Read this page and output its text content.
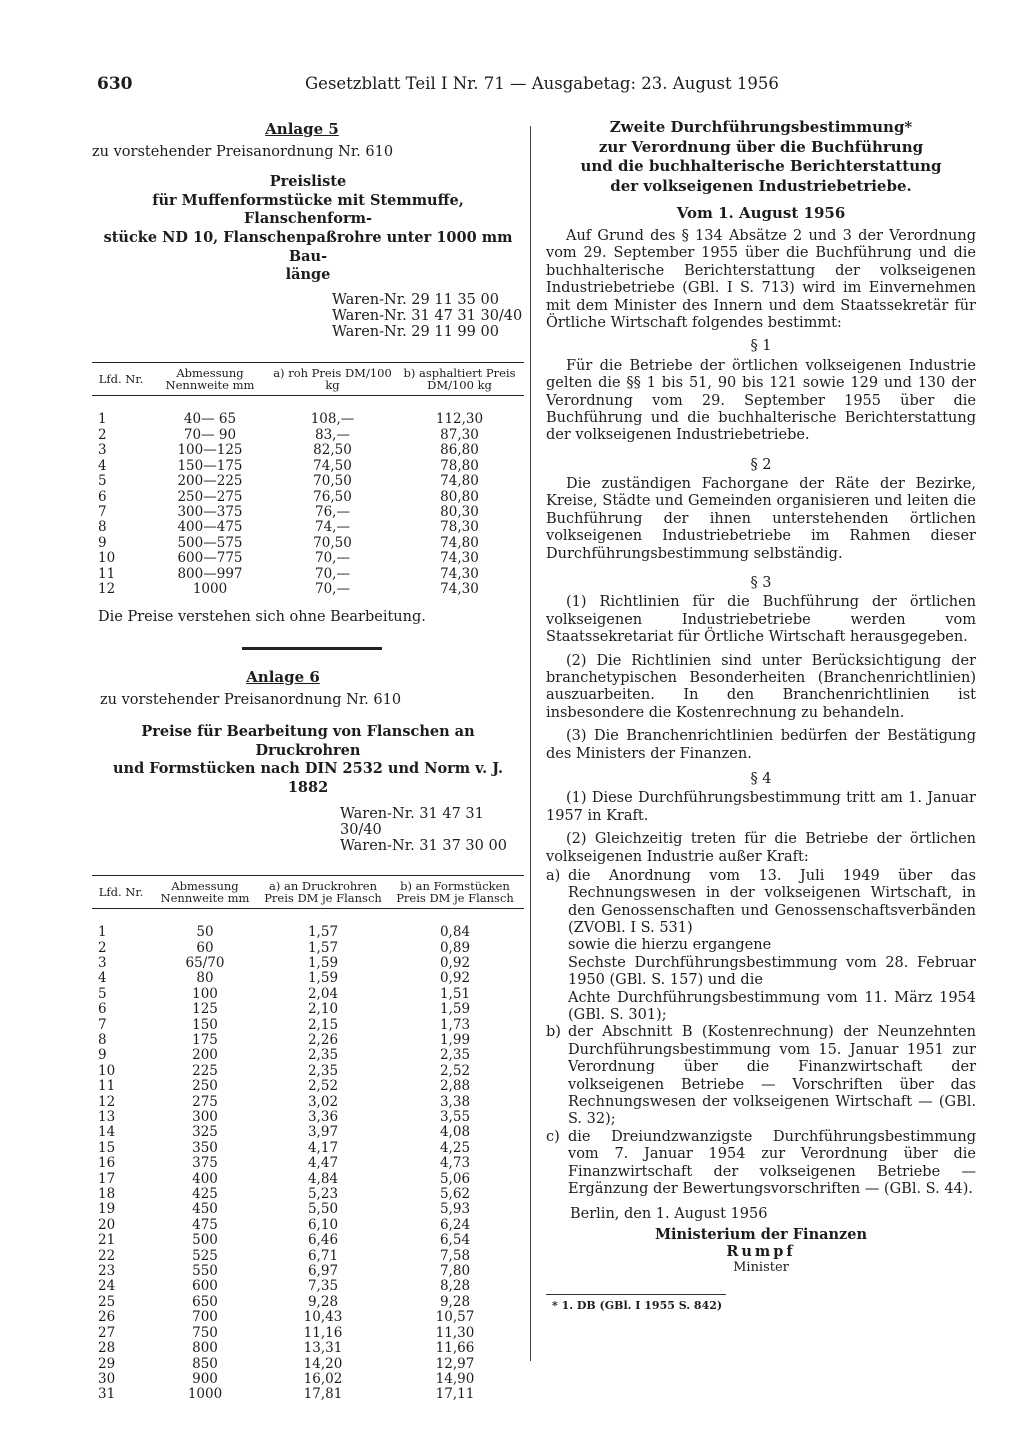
630	Gesetzblatt Teil I Nr. 71 — Ausgabetag: 23. August 1956
Anlage 5
zu vorstehender Preisanordnung Nr. 610
Preisliste
für Muffenformstücke mit Stemmuffe, Flanschenform-
stücke ND 10, Flanschenpaßrohre unter 1000 mm Bau-
länge
Waren-Nr. 29 11 35 00
Waren-Nr. 31 47 31 30/40
Waren-Nr. 29 11 99 00
Lfd. Nr.	Abmessung Nennweite mm	a) roh Preis DM/100 kg	b) asphaltiert Preis DM/100 kg
1	40— 65	108,—	112,30
2	70— 90	83,—	87,30
3	100—125	82,50	86,80
4	150—175	74,50	78,80
5	200—225	70,50	74,80
6	250—275	76,50	80,80
7	300—375	76,—	80,30
8	400—475	74,—	78,30
9	500—575	70,50	74,80
10	600—775	70,—	74,30
11	800—997	70,—	74,30
12	1000	70,—	74,30

Die Preise verstehen sich ohne Bearbeitung.

Anlage 6
zu vorstehender Preisanordnung Nr. 610
Preise für Bearbeitung von Flanschen an Druckrohren
und Formstücken nach DIN 2532 und Norm v. J. 1882
Waren-Nr. 31 47 31 30/40
Waren-Nr. 31 37 30 00
Lfd. Nr.	Abmessung Nennweite mm	a) an Druckrohren Preis DM je Flansch	b) an Formstücken Preis DM je Flansch
1	50	1,57	0,84
2	60	1,57	0,89
3	65/70	1,59	0,92
4	80	1,59	0,92
5	100	2,04	1,51
6	125	2,10	1,59
7	150	2,15	1,73
8	175	2,26	1,99
9	200	2,35	2,35
10	225	2,35	2,52
11	250	2,52	2,88
12	275	3,02	3,38
13	300	3,36	3,55
14	325	3,97	4,08
15	350	4,17	4,25
16	375	4,47	4,73
17	400	4,84	5,06
18	425	5,23	5,62
19	450	5,50	5,93
20	475	6,10	6,24
21	500	6,46	6,54
22	525	6,71	7,58
23	550	6,97	7,80
24	600	7,35	8,28
25	650	9,28	9,28
26	700	10,43	10,57
27	750	11,16	11,30
28	800	13,31	11,66
29	850	14,20	12,97
30	900	16,02	14,90
31	1000	17,81	17,11
Zweite Durchführungsbestimmung*
zur Verordnung über die Buchführung
und die buchhalterische Berichterstattung
der volkseigenen Industriebetriebe.
Vom 1. August 1956

Auf Grund des § 134 Absätze 2 und 3 der Verordnung vom 29. September 1955 über die Buchführung und die buchhalterische Berichterstattung der volkseigenen Industriebetriebe (GBl. I S. 713) wird im Einvernehmen mit dem Minister des Innern und dem Staatssekretär für Örtliche Wirtschaft folgendes bestimmt:

§ 1

Für die Betriebe der örtlichen volkseigenen Industrie gelten die §§ 1 bis 51, 90 bis 121 sowie 129 und 130 der Verordnung vom 29. September 1955 über die Buchführung und die buchhalterische Berichterstattung der volkseigenen Industriebetriebe.

§ 2

Die zuständigen Fachorgane der Räte der Bezirke, Kreise, Städte und Gemeinden organisieren und leiten die Buchführung der ihnen unterstehenden örtlichen volkseigenen Industriebetriebe im Rahmen dieser Durchführungsbestimmung selbständig.

§ 3

(1) Richtlinien für die Buchführung der örtlichen volkseigenen Industriebetriebe werden vom Staatssekretariat für Örtliche Wirtschaft herausgegeben.

(2) Die Richtlinien sind unter Berücksichtigung der branchetypischen Besonderheiten (Branchenrichtlinien) auszuarbeiten. In den Branchenrichtlinien ist insbesondere die Kostenrechnung zu behandeln.

(3) Die Branchenrichtlinien bedürfen der Bestätigung des Ministers der Finanzen.

§ 4

(1) Diese Durchführungsbestimmung tritt am 1. Januar 1957 in Kraft.

(2) Gleichzeitig treten für die Betriebe der örtlichen volkseigenen Industrie außer Kraft:

a) die Anordnung vom 13. Juli 1949 über das Rechnungswesen in der volkseigenen Wirtschaft, in den Genossenschaften und Genossenschaftsverbänden (ZVOBl. I S. 531)
sowie die hierzu ergangene
Sechste Durchführungsbestimmung vom 28. Februar 1950 (GBl. S. 157) und die
Achte Durchführungsbestimmung vom 11. März 1954 (GBl. S. 301);
b) der Abschnitt B (Kostenrechnung) der Neunzehnten Durchführungsbestimmung vom 15. Januar 1951 zur Verordnung über die Finanzwirtschaft der volkseigenen Betriebe — Vorschriften über das Rechnungswesen der volkseigenen Wirtschaft — (GBl. S. 32);
c) die Dreiundzwanzigste Durchführungsbestimmung vom 7. Januar 1954 zur Verordnung über die Finanzwirtschaft der volkseigenen Betriebe — Ergänzung der Bewertungsvorschriften — (GBl. S. 44).
Berlin, den 1. August 1956
Ministerium der Finanzen
Rumpf
Minister
* 1. DB (GBl. I 1955 S. 842)
